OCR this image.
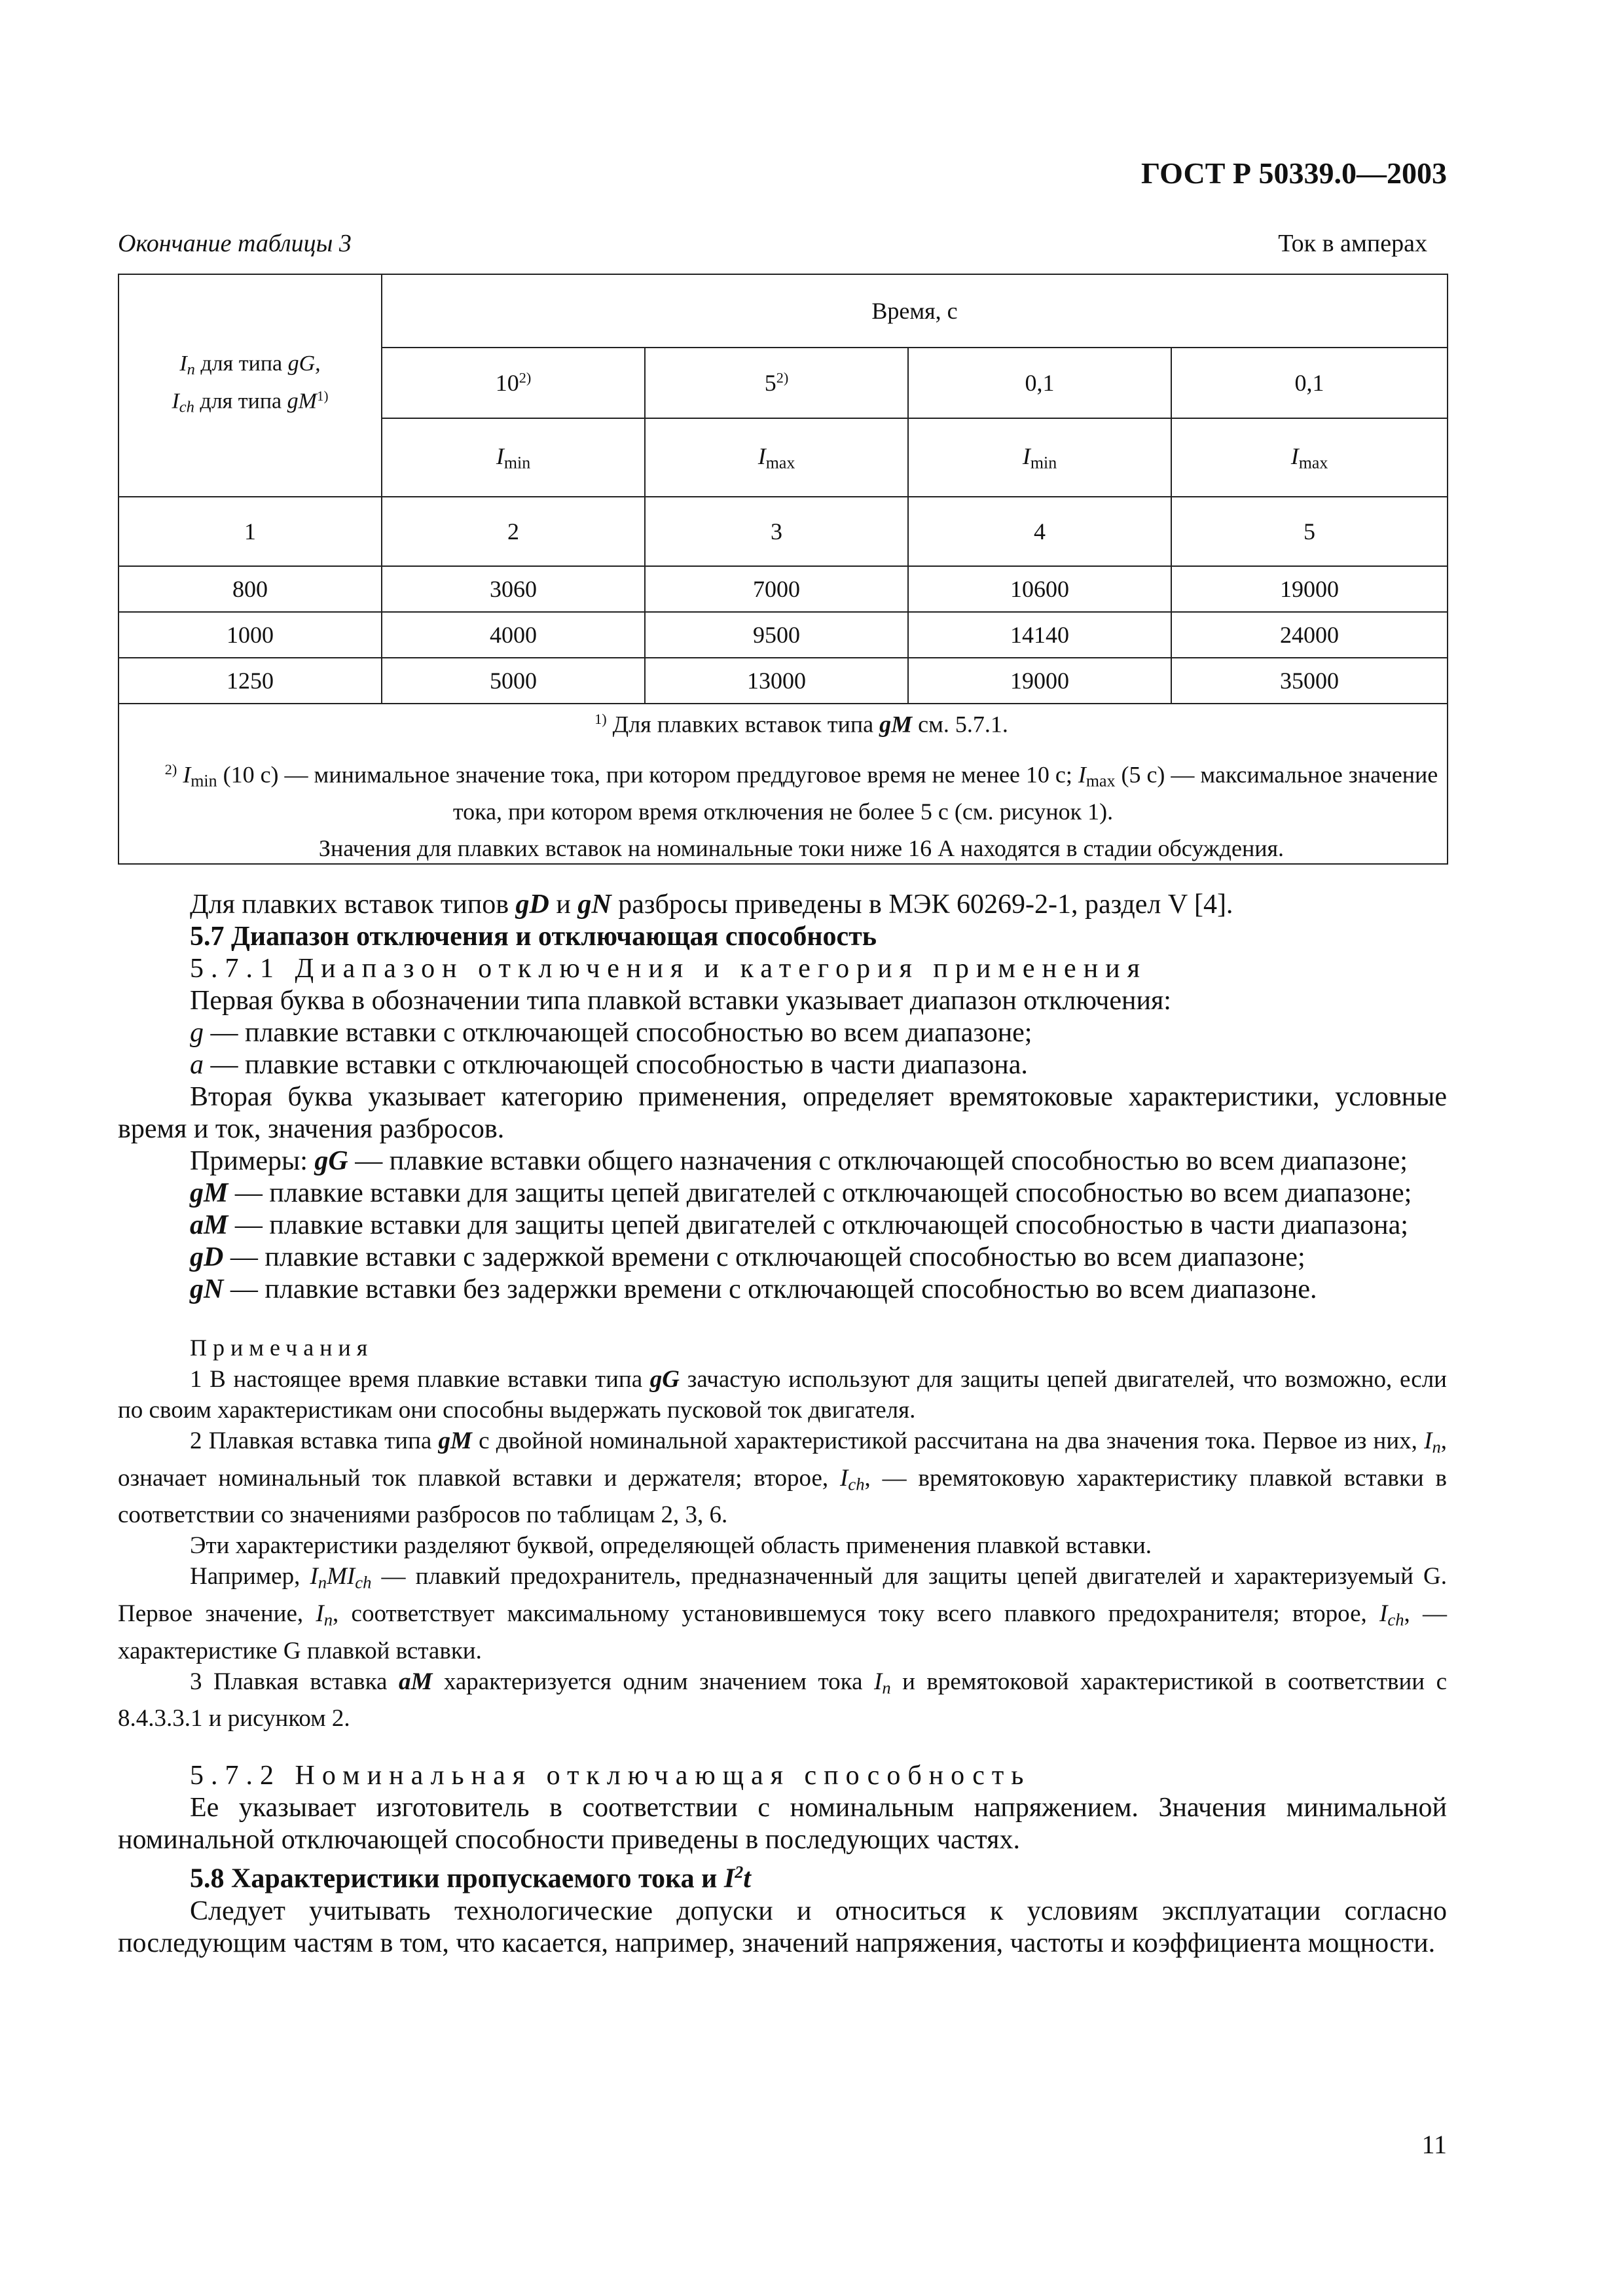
ГОСТ Р 50339.0—2003
Окончание таблицы 3	Ток в амперах
$I_n$ для типа gG,
$I_{ch}$ для типа $gM^{1)}$	Время, с			
	10$^{2)}$	5$^{2)}$	0,1	0,1
	$I_{min}$	$I_{max}$	$I_{min}$	$I_{max}$
1	2	3	4	5
800	3060	7000	10600	19000
1000	4000	9500	14140	24000
1250	5000	13000	19000	35000

$^{1)}$ Для плавких вставок типа gM см. 5.7.1.

$^{2)}$ $I_{min}$ (10 с) — минимальное значение тока, при котором преддуговое время не менее 10 с; $I_{max}$ (5 с) — максимальное значение тока, при котором время отключения не более 5 с (см. рисунок 1).

Значения для плавких вставок на номинальные токи ниже 16 А находятся в стадии обсуждения.				

Для плавких вставок типов gD и gN разбросы приведены в МЭК 60269-2-1, раздел V [4].

5.7 Диапазон отключения и отключающая способность

5.7.1 Диапазон отключения и категория применения

Первая буква в обозначении типа плавкой вставки указывает диапазон отключения:

g — плавкие вставки с отключающей способностью во всем диапазоне;

a — плавкие вставки с отключающей способностью в части диапазона.

Вторая буква указывает категорию применения, определяет времятоковые характеристики, условные время и ток, значения разбросов.

Примеры: gG — плавкие вставки общего назначения с отключающей способностью во всем диапазоне;

gM — плавкие вставки для защиты цепей двигателей с отключающей способностью во всем диапазоне;

aM — плавкие вставки для защиты цепей двигателей с отключающей способностью в части диапазона;

gD — плавкие вставки с задержкой времени с отключающей способностью во всем диапазоне;

gN — плавкие вставки без задержки времени с отключающей способностью во всем диапазоне.

Примечания

1 В настоящее время плавкие вставки типа gG зачастую используют для защиты цепей двигателей, что возможно, если по своим характеристикам они способны выдержать пусковой ток двигателя.

2 Плавкая вставка типа gM с двойной номинальной характеристикой рассчитана на два значения тока. Первое из них, $I_n$, означает номинальный ток плавкой вставки и держателя; второе, $I_{ch}$, — времятоковую характеристику плавкой вставки в соответствии со значениями разбросов по таблицам 2, 3, 6.

Эти характеристики разделяют буквой, определяющей область применения плавкой вставки.

Например, $I_nMI_{ch}$ — плавкий предохранитель, предназначенный для защиты цепей двигателей и характеризуемый G. Первое значение, $I_n$, соответствует максимальному установившемуся току всего плавкого предохранителя; второе, $I_{ch}$, — характеристике G плавкой вставки.

3 Плавкая вставка aM характеризуется одним значением тока $I_n$ и времятоковой характеристикой в соответствии с 8.4.3.3.1 и рисунком 2.

5.7.2 Номинальная отключающая способность

Ее указывает изготовитель в соответствии с номинальным напряжением. Значения минимальной номинальной отключающей способности приведены в последующих частях.

5.8 Характеристики пропускаемого тока и $I^2t$

Следует учитывать технологические допуски и относиться к условиям эксплуатации согласно последующим частям в том, что касается, например, значений напряжения, частоты и коэффициента мощности.

11
